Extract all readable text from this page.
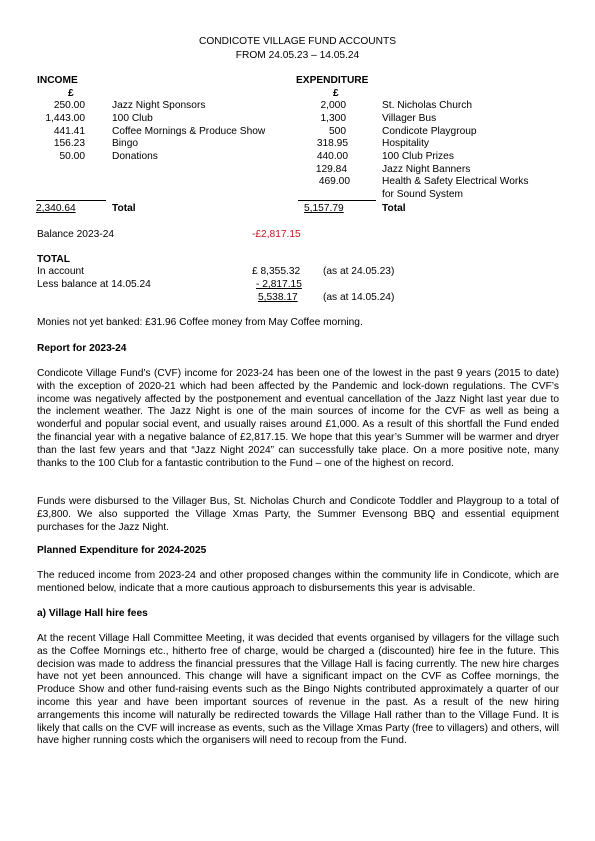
CONDICOTE VILLAGE FUND ACCOUNTS
FROM 24.05.23 – 14.05.24
INCOME
£
EXPENDITURE
£
250.00	Jazz Night Sponsors
1,443.00	100 Club
441.41	Coffee Mornings & Produce Show
156.23	Bingo
50.00	Donations
2,000	St. Nicholas Church
1,300	Villager Bus
500	Condicote Playgroup
318.95	Hospitality
440.00	100 Club Prizes
129.84	Jazz Night Banners
469.00	Health & Safety Electrical Works
for Sound System
2,340.64	Total	5,157.79	Total
Balance 2023-24	-£2,817.15
TOTAL
In account	£ 8,355.32 (as at 24.05.23)
Less balance at 14.05.24	- 2,817.15
5,538.17 (as at 14.05.24)
Monies not yet banked: £31.96 Coffee money from May Coffee morning.
Report for 2023-24

Condicote Village Fund’s (CVF) income for 2023-24 has been one of the lowest in the past 9 years (2015 to date) with the exception of 2020-21 which had been affected by the Pandemic and lock-down regulations. The CVF’s income was negatively affected by the postponement and eventual cancellation of the Jazz Night last year due to the inclement weather. The Jazz Night is one of the main sources of income for the CVF as well as being a wonderful and popular social event, and usually raises around £1,000. As a result of this shortfall the Fund ended the financial year with a negative balance of £2,817.15. We hope that this year’s Summer will be warmer and dryer than the last few years and that “Jazz Night 2024” can successfully take place. On a more positive note, many thanks to the 100 Club for a fantastic contribution to the Fund – one of the highest on record.

Funds were disbursed to the Villager Bus, St. Nicholas Church and Condicote Toddler and Playgroup to a total of £3,800. We also supported the Village Xmas Party, the Summer Evensong BBQ and essential equipment purchases for the Jazz Night.

Planned Expenditure for 2024-2025

The reduced income from 2023-24 and other proposed changes within the community life in Condicote, which are mentioned below, indicate that a more cautious approach to disbursements this year is advisable.

a) Village Hall hire fees

At the recent Village Hall Committee Meeting, it was decided that events organised by villagers for the village such as the Coffee Mornings etc., hitherto free of charge, would be charged a (discounted) hire fee in the future. This decision was made to address the financial pressures that the Village Hall is facing currently. The new hire charges have not yet been announced. This change will have a significant impact on the CVF as Coffee mornings, the Produce Show and other fund-raising events such as the Bingo Nights contributed approximately a quarter of our income this year and have been important sources of revenue in the past. As a result of the new hiring arrangements this income will naturally be redirected towards the Village Hall rather than to the Village Fund. It is likely that calls on the CVF will increase as events, such as the Village Xmas Party (free to villagers) and others, will have higher running costs which the organisers will need to recoup from the Fund.
